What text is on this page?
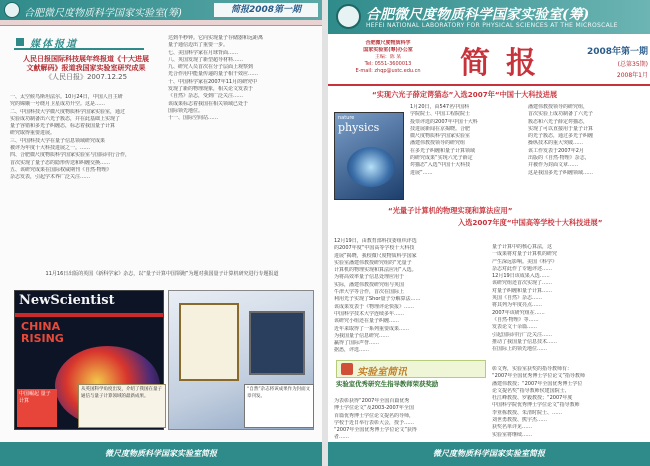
合肥微尺度物质科学国家实验室(筹)	简报2008第一期
媒体报道
人民日报国际科技展年终报道《十大进展
文献解码》报道我国家实验室研究成果
《人民日报》2007.12.25
一、太空候鸟斯坦法尔。10月24日，中国人自主研
究的嫦娥一号绕月卫星成功升空。这是……
二、中国科技大学微尺度物质科学国家实验室，通过
实验成功制备出六光子簇态，并在此基础上实现了
量子容错和多光子纠缠态，标志着我国量子计算
研究取得重要进展。
三、中国科技大学在量子信息领域研究成果
被评为年度十大科技进展之一。……
四、合肥微尺度物质科学国家实验室与国际同行合作，
首次实现了量子态的隐形传送和纠缠交换……
五、该研究成果在国际权威期刊《自然·物理》
杂志发表，引起学术界广泛关注……
达到半秒钟。它向实现量子存储器和远距离
量子通信迈出了重要一步。
七、美国科学家在月球背面……
八、英国发现了新型超导材料……
九、研究人员首次在分子层面上观察到
光合作用中能量传递的量子相干效应……
十、中国科学家在2007年11月的研究中
发现了新的物理现象，相关论文发表于
《自然》杂志，受到广泛关注……
该成果标志着我国在相关领域已处于
国际领先地位。
十一、国际空间站……
11月16日出版的英国《新科学家》杂志，以“量子计算中国领跑”为题对我国量子计算机研究进行专题报道
NewScientist
CHINA
RISING
中国崛起 量子计算
从英国科学角度出发，介绍了我国在量子通信与量子计算领域的最新成果。
“自然”杂志将该成果作为封面文章刊发。
微尺度物质科学国家实验室简报
合肥微尺度物质科学国家实验室(筹)
HEFEI NATIONAL LABORATORY FOR PHYSICAL SCIENCES AT THE MICROSCALE
合肥微尺度物质科学
国家实验室(筹)办公室
主编：陈 某
Tel: 0551-3600013
E-mail: zhqp@ustc.edu.cn	简报	2008年第一期
(总第35期)
2008年1月
“实现六光子薛定谔猫态”入选2007年“中国十大科技进展
nature
physics
1月20日，由547名中国科
学院院士、中国工程院院士
投票评选的2007年中国十大科
技进展新闻在京揭晓。合肥
微尺度物质科学国家实验室
潘建伟教授领导的研究组
在多光子纠缠和量子计算领域
的研究成果“实现六光子薛定
谔猫态”入选“中国十大科技
进展”……
潘建伟教授领导的研究组，
首次实验上成功制备了六光子
簇态和六光子薛定谔猫态，
实现了可以直接用于量子计算
的光子簇态，通过多光子纠缠
操纵技术的重大突破……
该工作发表于2007年2月
出版的《自然·物理》杂志，
并被作为封面文章……
这是我国多光子纠缠领域……
“光量子计算机的物理实现和算法应用”
入选2007年度“中国高等学校十大科技进展”
12月19日，由教育部科技委组织评选
的2007年度“中国高等学校十大科技
进展”揭晓，我校微尺度物质科学国家
实验室潘建伟教授研究组的“光量子
计算机的物理实现和算法应用”入选。
为将高效率量子信息处理应用于
实际，潘建伟教授研究组与英国
牛津大学等合作，首次在国际上
利用光子实现了Shor量子分解算法……
该成果发表于《物理评论快报》……
中国科学技术大学连续多年……
该研究小组还在量子纠缠……
近年来取得了一系列重要成果……
为我国量子信息研究……
赢得了国际声誉……
据悉，评选……
量子计算中的核心算法，这
一成果将对量子计算机的研究
产生深远影响。美国《科学》
杂志对此作了专题评述……
12月19日该成果入选……
该研究组还首次实现了……
对量子纠缠和量子计算……
英国《自然》杂志……
将其列为年度亮点……
2007年该研究组在……
《自然·物理》等……
发表论文十余篇……
引起国际同行广泛关注……
推动了我国量子信息技术……
在国际上的领先地位……
实验室简讯
实验室优秀研究生指导教师荣获奖励
为表彰获得“2007年全国百篇优秀
博士学位论文”及2003-2007年全国
百篇优秀博士学位论文提名的导师，
学校于近日举行表彰大会，授予……
“2007年全国优秀博士学位论文”获得
者……
彰文秀，实验室获奖的指导教师有：
“2007年全国优秀博士学位论文”指导教师
潘建伟教授；“2007年全国优秀博士学位
论文提名奖”指导教师侯建国院士、
杜江峰教授、罗毅教授；“2007年度
中国科学院优秀博士学位论文”指导教师
李亚栋教授、朱清时院士、……
刘世勇教授、熊宇杰……
获奖名单详见……
实验室将继续……
微尺度物质科学国家实验室简报
